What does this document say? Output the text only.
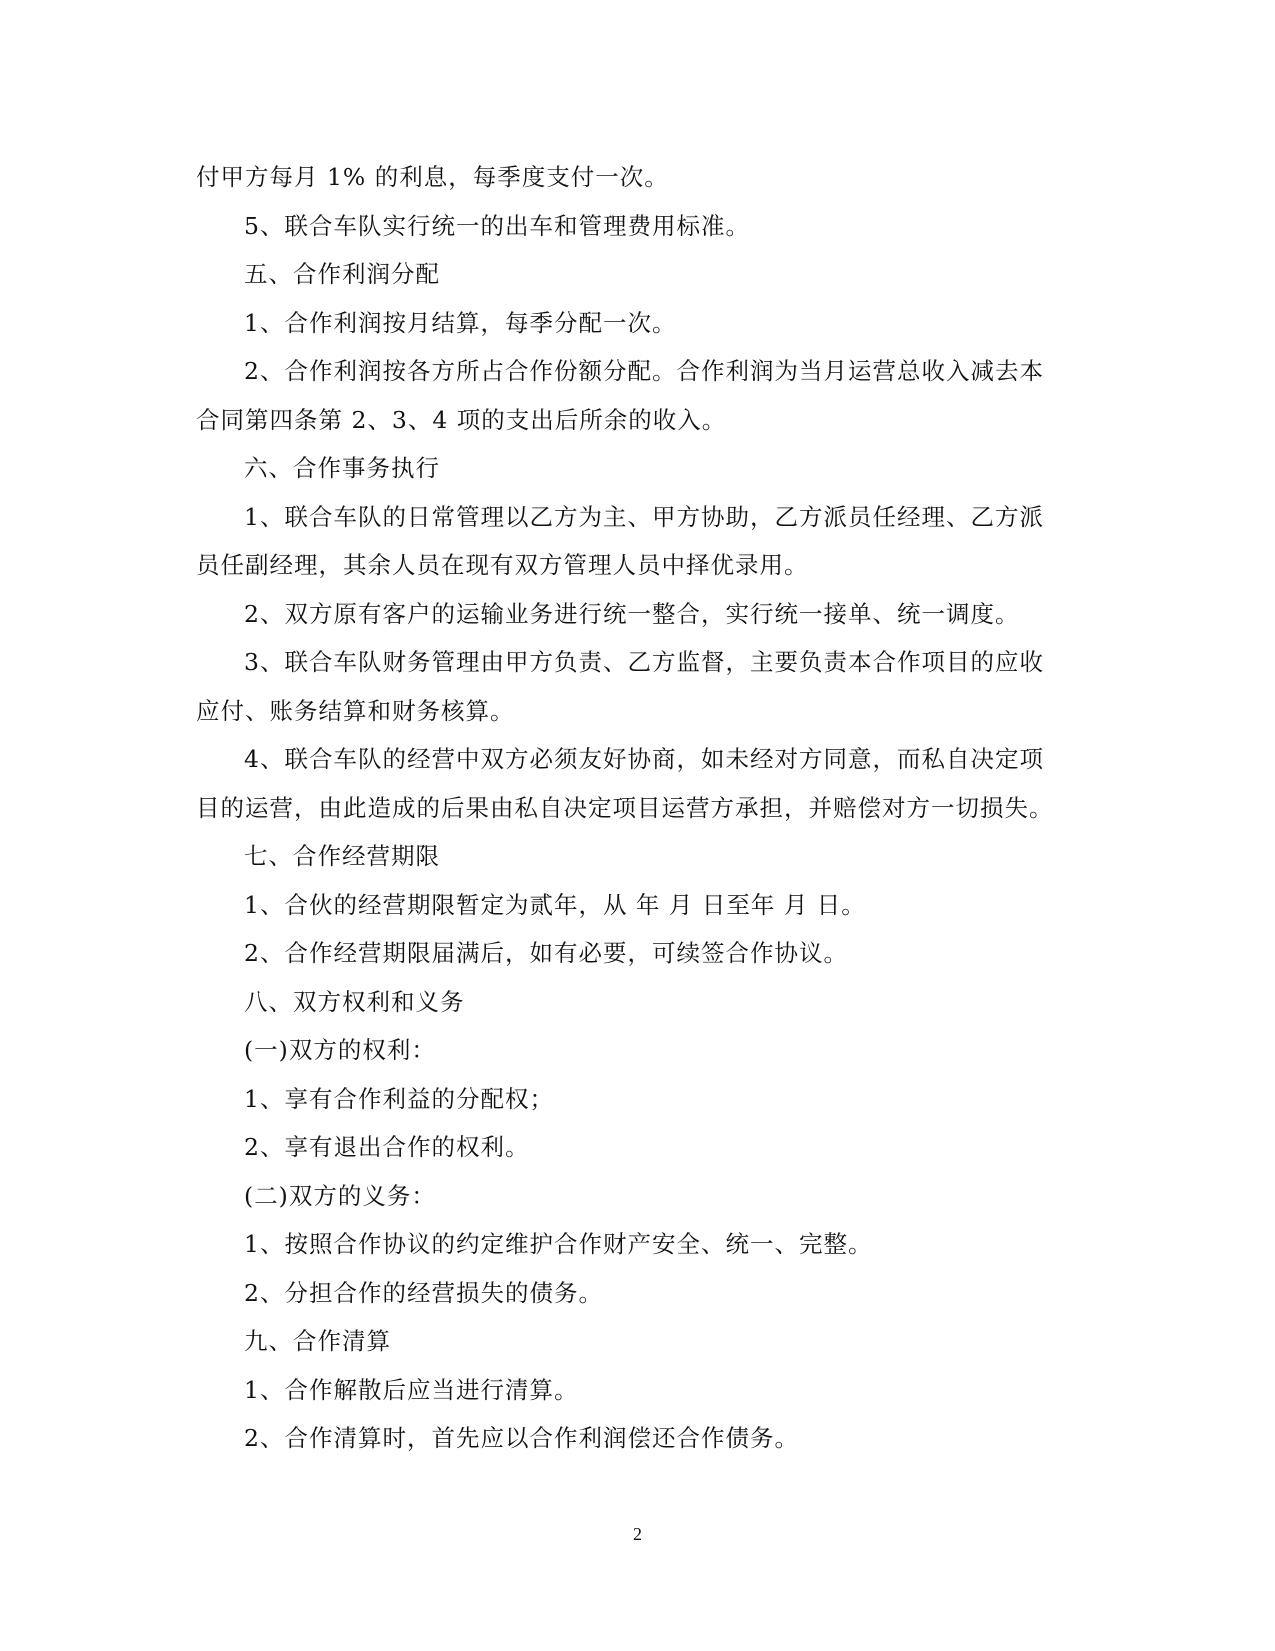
付甲方每月 1% 的利息，每季度支付一次。

5、联合车队实行统一的出车和管理费用标准。

五、合作利润分配

1、合作利润按月结算，每季分配一次。

2、合作利润按各方所占合作份额分配。合作利润为当月运营总收入减去本

合同第四条第 2、3、4 项的支出后所余的收入。

六、合作事务执行

1、联合车队的日常管理以乙方为主、甲方协助，乙方派员任经理、乙方派

员任副经理，其余人员在现有双方管理人员中择优录用。

2、双方原有客户的运输业务进行统一整合，实行统一接单、统一调度。

3、联合车队财务管理由甲方负责、乙方监督，主要负责本合作项目的应收

应付、账务结算和财务核算。

4、联合车队的经营中双方必须友好协商，如未经对方同意，而私自决定项

目的运营，由此造成的后果由私自决定项目运营方承担，并赔偿对方一切损失。

七、合作经营期限

1、合伙的经营期限暂定为贰年，从 年 月 日至年 月 日。

2、合作经营期限届满后，如有必要，可续签合作协议。

八、双方权利和义务

(一)双方的权利：

1、享有合作利益的分配权；

2、享有退出合作的权利。

(二)双方的义务：

1、按照合作协议的约定维护合作财产安全、统一、完整。

2、分担合作的经营损失的债务。

九、合作清算

1、合作解散后应当进行清算。

2、合作清算时，首先应以合作利润偿还合作债务。

2
